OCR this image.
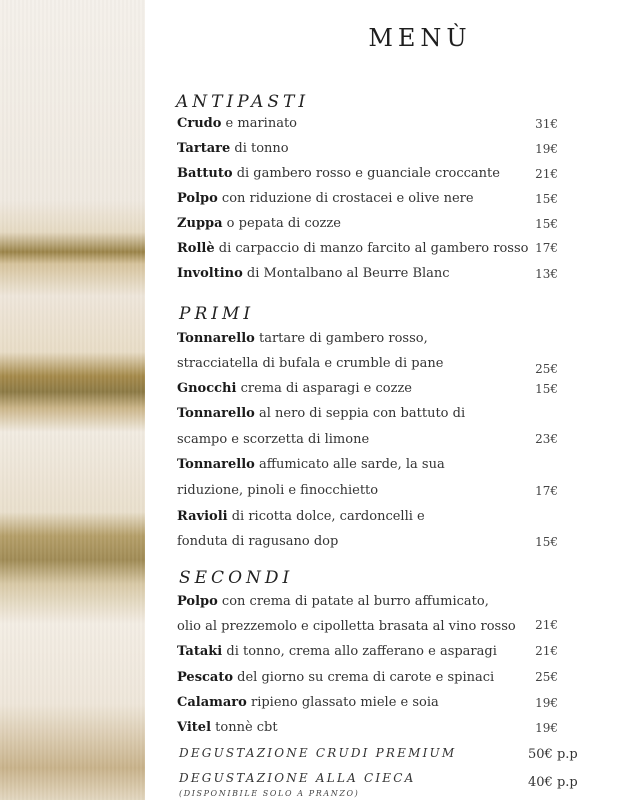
MENÙ
ANTIPASTI
Crudo e marinato	31€
Tartare di tonno	19€
Battuto di gambero rosso e guanciale croccante	21€
Polpo con riduzione di crostacei e olive nere	15€
Zuppa o pepata di cozze	15€
Rollè di carpaccio di manzo farcito al gambero rosso 17€
Involtino di Montalbano al Beurre Blanc	13€
PRIMI
Tonnarello tartare di gambero rosso,
stracciatella di bufala e crumble di pane	25€
Gnocchi crema di asparagi e cozze	15€
Tonnarello al nero di seppia con battuto di
scampo e scorzetta di limone	23€
Tonnarello affumicato alle sarde, la sua
riduzione, pinoli e finocchietto	17€
Ravioli di ricotta dolce, cardoncelli e
fonduta di ragusano dop	15€
SECONDI
Polpo con crema di patate al burro affumicato,
olio al prezzemolo e cipolletta brasata al vino rosso	21€
Tataki di tonno, crema allo zafferano e asparagi	21€
Pescato del giorno su crema di carote e spinaci	25€
Calamaro ripieno glassato miele e soia	19€
Vitel tonnè cbt	19€
DEGUSTAZIONE CRUDI PREMIUM	50€ p.p
DEGUSTAZIONE ALLA CIECA
(DISPONIBILE SOLO A PRANZO)
40€ p.p
